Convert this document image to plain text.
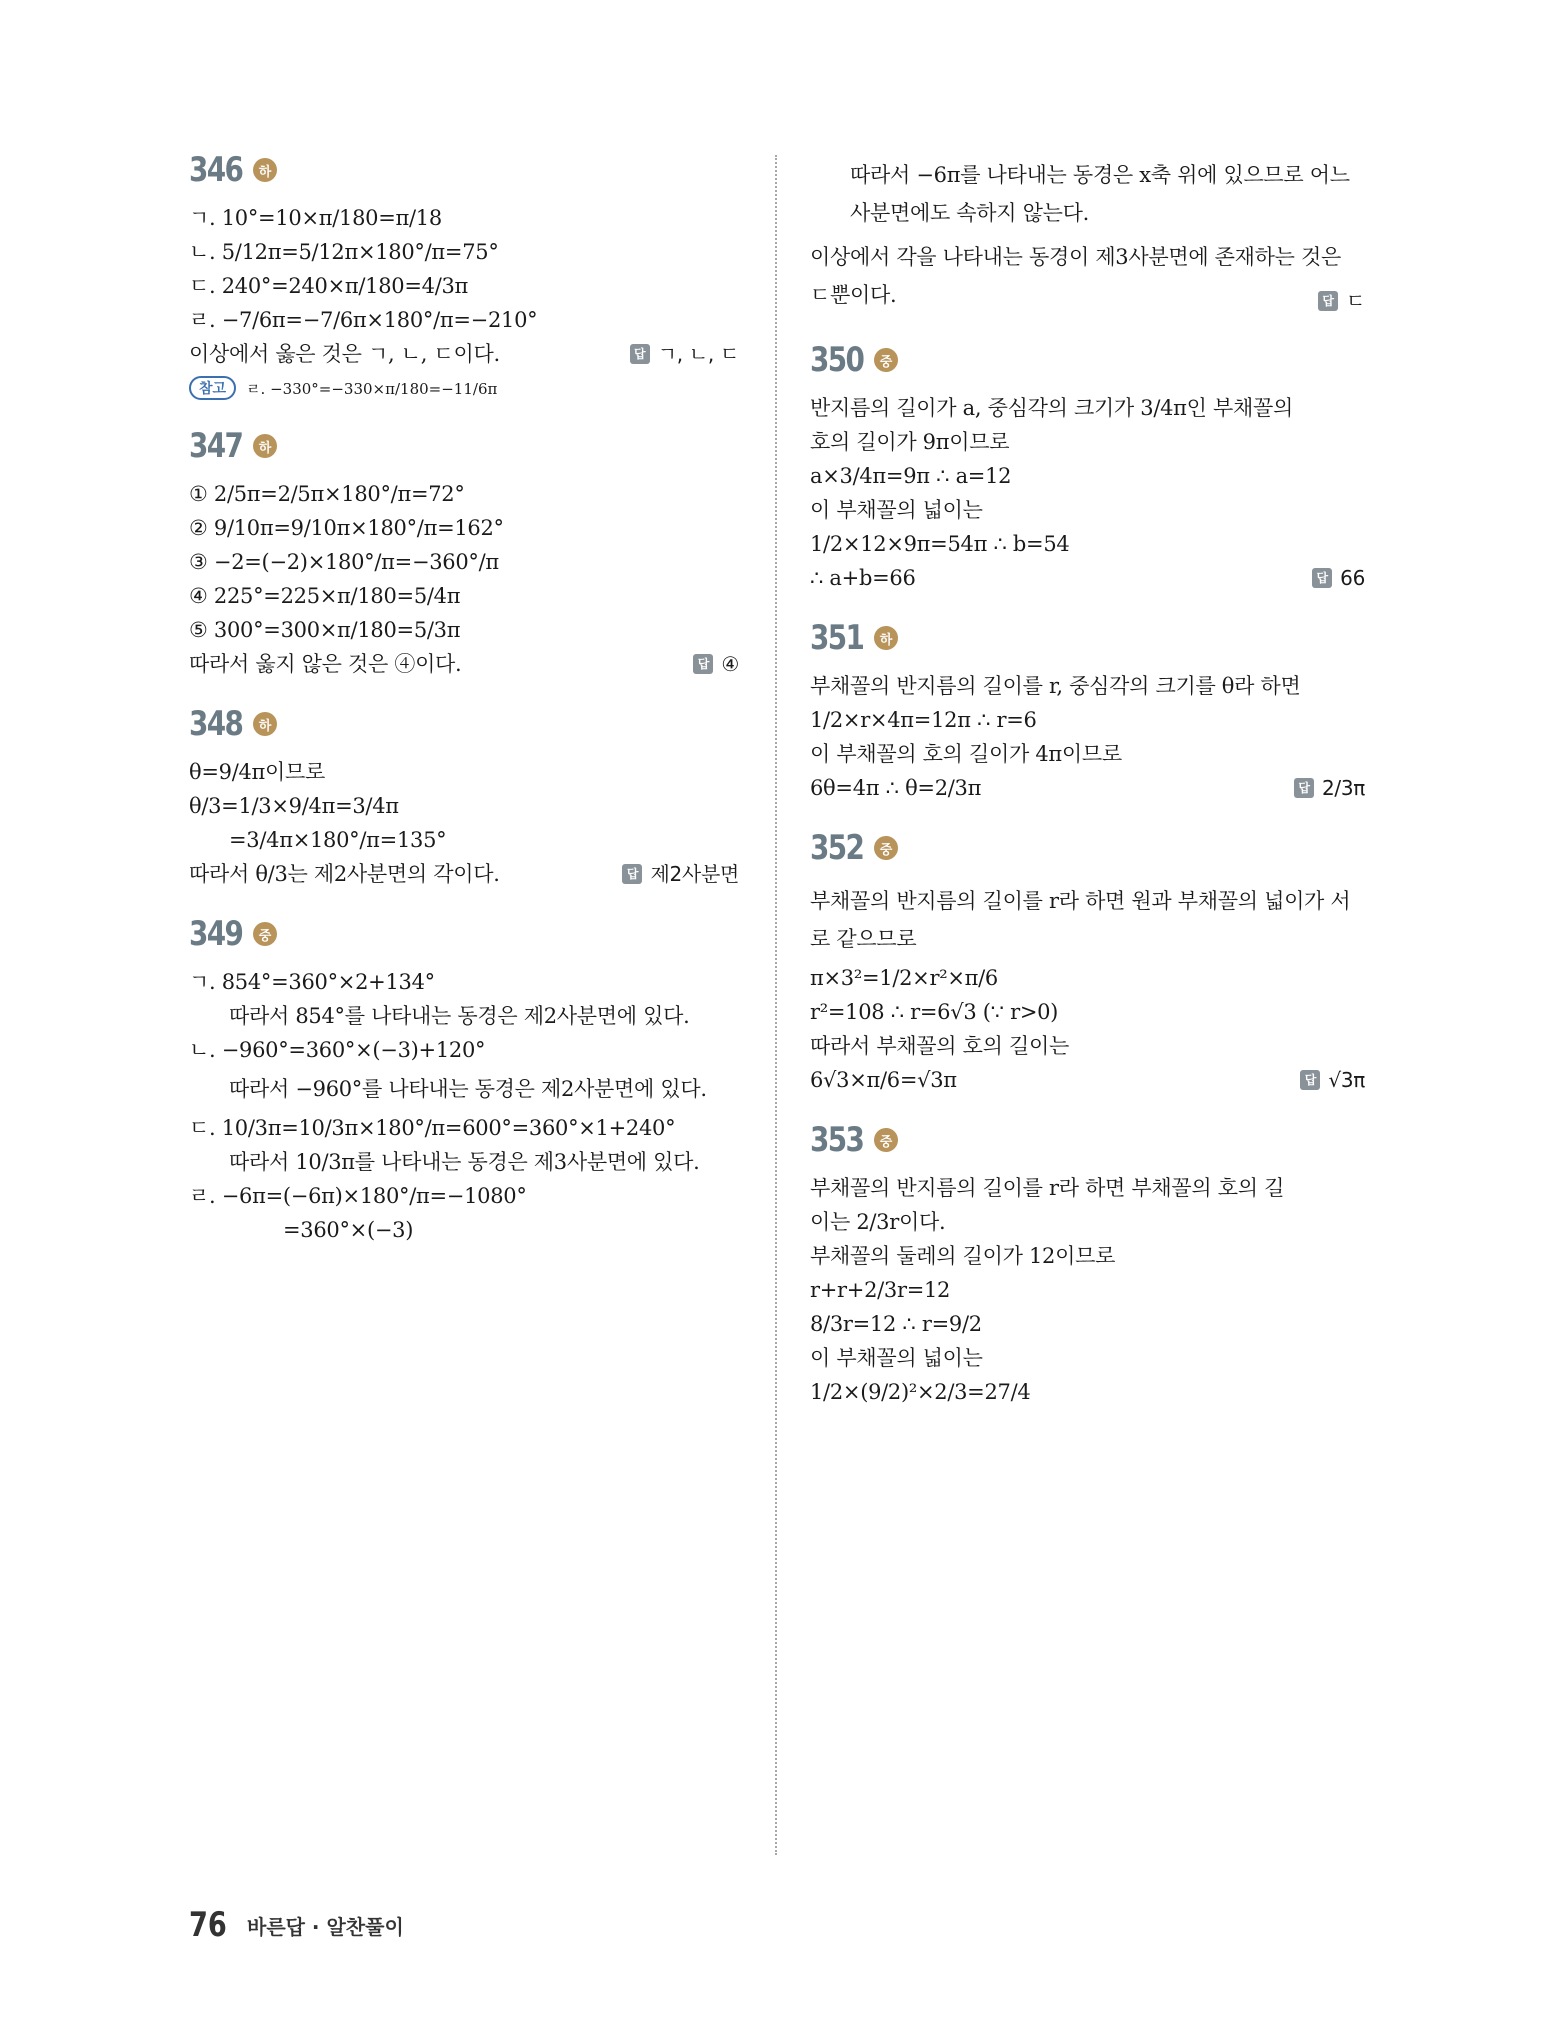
346	하
ㄱ. 10°=10×π/180=π/18
ㄴ. 5/12π=5/12π×180°/π=75°
ㄷ. 240°=240×π/180=4/3π
ㄹ. −7/6π=−7/6π×180°/π=−210°
이상에서 옳은 것은 ㄱ, ㄴ, ㄷ이다.	답 ㄱ, ㄴ, ㄷ
참고	ㄹ. −330°=−330×π/180=−11/6π
347	하
① 2/5π=2/5π×180°/π=72°
② 9/10π=9/10π×180°/π=162°
③ −2=(−2)×180°/π=−360°/π
④ 225°=225×π/180=5/4π
⑤ 300°=300×π/180=5/3π
따라서 옳지 않은 것은 ④이다.	답 ④
348	하
θ=9/4π이므로
θ/3=1/3×9/4π=3/4π
=3/4π×180°/π=135°
따라서 θ/3는 제2사분면의 각이다.	답 제2사분면
349	중
ㄱ. 854°=360°×2+134°
따라서 854°를 나타내는 동경은 제2사분면에 있다.
ㄴ. −960°=360°×(−3)+120°
따라서 −960°를 나타내는 동경은 제2사분면에 있다.
ㄷ. 10/3π=10/3π×180°/π=600°=360°×1+240°
따라서 10/3π를 나타내는 동경은 제3사분면에 있다.
ㄹ. −6π=(−6π)×180°/π=−1080°
=360°×(−3)
따라서 −6π를 나타내는 동경은 x축 위에 있으므로 어느 사분면에도 속하지 않는다.
이상에서 각을 나타내는 동경이 제3사분면에 존재하는 것은 ㄷ뿐이다.	답 ㄷ
350	중
반지름의 길이가 a, 중심각의 크기가 3/4π인 부채꼴의
호의 길이가 9π이므로
a×3/4π=9π ∴ a=12
이 부채꼴의 넓이는
1/2×12×9π=54π ∴ b=54
∴ a+b=66	답 66
351	하
부채꼴의 반지름의 길이를 r, 중심각의 크기를 θ라 하면
1/2×r×4π=12π ∴ r=6
이 부채꼴의 호의 길이가 4π이므로
6θ=4π ∴ θ=2/3π	답 2/3π
352	중
부채꼴의 반지름의 길이를 r라 하면 원과 부채꼴의 넓이가 서로 같으므로
π×3²=1/2×r²×π/6
r²=108 ∴ r=6√3 (∵ r>0)
따라서 부채꼴의 호의 길이는
6√3×π/6=√3π	답 √3π
353	중
부채꼴의 반지름의 길이를 r라 하면 부채꼴의 호의 길
이는 2/3r이다.
부채꼴의 둘레의 길이가 12이므로
r+r+2/3r=12
8/3r=12 ∴ r=9/2
이 부채꼴의 넓이는
1/2×(9/2)²×2/3=27/4
76 바른답 · 알찬풀이
